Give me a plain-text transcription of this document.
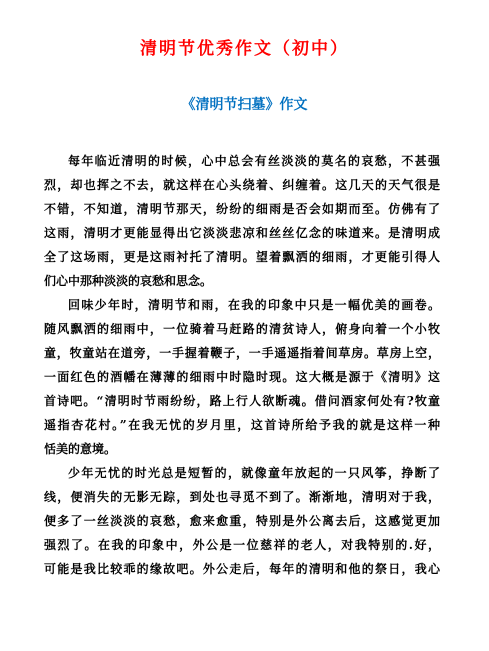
清明节优秀作文（初中）
《清明节扫墓》作文
每年临近清明的时候，心中总会有丝淡淡的莫名的哀愁，不甚强
烈，却也挥之不去，就这样在心头绕着、纠缠着。这几天的天气很是
不错，不知道，清明节那天，纷纷的细雨是否会如期而至。仿佛有了
这雨，清明才更能显得出它淡淡悲凉和丝丝亿念的味道来。是清明成
全了这场雨，更是这雨衬托了清明。望着飘洒的细雨，才更能引得人
们心中那种淡淡的哀愁和思念。
回味少年时，清明节和雨，在我的印象中只是一幅优美的画卷。
随风飘洒的细雨中，一位骑着马赶路的清贫诗人，俯身向着一个小牧
童，牧童站在道旁，一手握着鞭子，一手遥遥指着间草房。草房上空，
一面红色的酒幡在薄薄的细雨中时隐时现。这大概是源于《清明》这
首诗吧。“清明时节雨纷纷，路上行人欲断魂。借问酒家何处有?牧童
遥指杏花村。”在我无忧的岁月里，这首诗所给予我的就是这样一种
恬美的意境。
少年无忧的时光总是短暂的，就像童年放起的一只风筝，挣断了
线，便消失的无影无踪，到处也寻觅不到了。渐渐地，清明对于我，
便多了一丝淡淡的哀愁，愈来愈重，特别是外公离去后，这感觉更加
强烈了。在我的印象中，外公是一位慈祥的老人，对我特别的.好，
可能是我比较乖的缘故吧。外公走后，每年的清明和他的祭日，我心
